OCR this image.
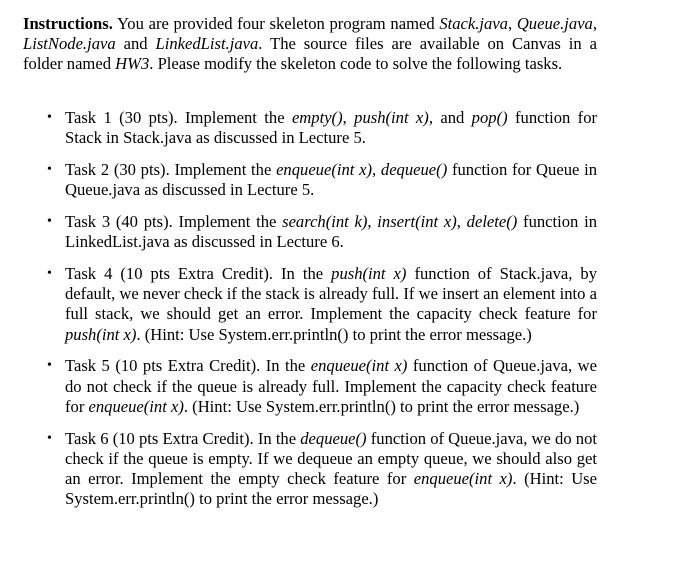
Instructions. You are provided four skeleton program named Stack.java, Queue.java, ListNode.java and LinkedList.java. The source files are available on Canvas in a folder named HW3. Please modify the skeleton code to solve the following tasks.

• Task 1 (30 pts). Implement the empty(), push(int x), and pop() function for Stack in Stack.java as discussed in Lecture 5.
• Task 2 (30 pts). Implement the enqueue(int x), dequeue() function for Queue in Queue.java as discussed in Lecture 5.
• Task 3 (40 pts). Implement the search(int k), insert(int x), delete() function in LinkedList.java as discussed in Lecture 6.
• Task 4 (10 pts Extra Credit). In the push(int x) function of Stack.java, by default, we never check if the stack is already full. If we insert an element into a full stack, we should get an error. Implement the capacity check feature for push(int x). (Hint: Use System.err.println() to print the error message.)
• Task 5 (10 pts Extra Credit). In the enqueue(int x) function of Queue.java, we do not check if the queue is already full. Implement the capacity check feature for enqueue(int x). (Hint: Use System.err.println() to print the error message.)
• Task 6 (10 pts Extra Credit). In the dequeue() function of Queue.java, we do not check if the queue is empty. If we dequeue an empty queue, we should also get an error. Implement the empty check feature for enqueue(int x). (Hint: Use System.err.println() to print the error message.)
